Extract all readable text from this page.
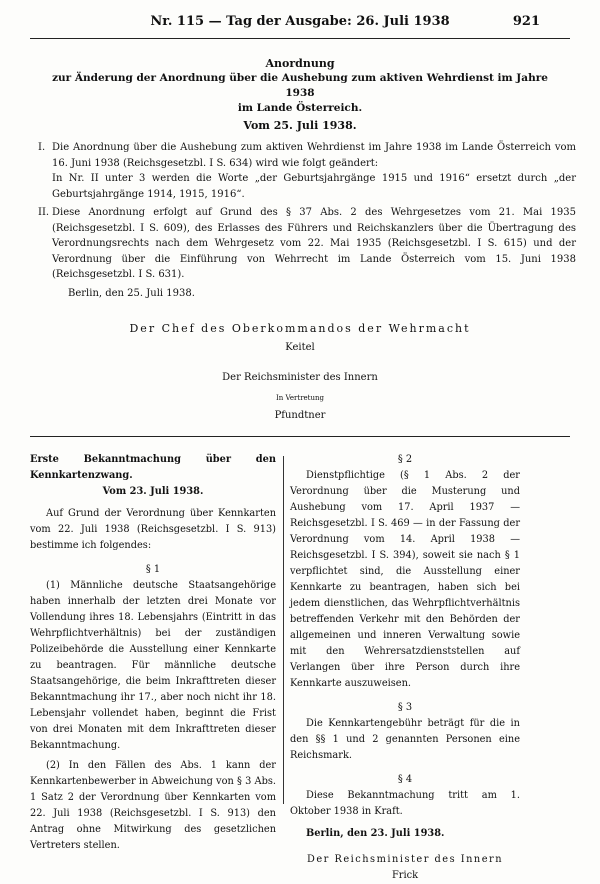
Nr. 115 — Tag der Ausgabe: 26. Juli 1938	921
Anordnung
zur Änderung der Anordnung über die Aushebung zum aktiven Wehrdienst im Jahre 1938
im Lande Österreich.
Vom 25. Juli 1938.
I. Die Anordnung über die Aushebung zum aktiven Wehrdienst im Jahre 1938 im Lande Österreich vom 16. Juni 1938 (Reichsgesetzbl. I S. 634) wird wie folgt geändert:
In Nr. II unter 3 werden die Worte „der Geburtsjahrgänge 1915 und 1916“ ersetzt durch „der Geburtsjahrgänge 1914, 1915, 1916“.
II. Diese Anordnung erfolgt auf Grund des § 37 Abs. 2 des Wehrgesetzes vom 21. Mai 1935 (Reichsgesetzbl. I S. 609), des Erlasses des Führers und Reichskanzlers über die Übertragung des Verordnungsrechts nach dem Wehrgesetz vom 22. Mai 1935 (Reichsgesetzbl. I S. 615) und der Verordnung über die Einführung von Wehrrecht im Lande Österreich vom 15. Juni 1938 (Reichsgesetzbl. I S. 631).
Berlin, den 25. Juli 1938.
Der Chef des Oberkommandos der Wehrmacht
Keitel
Der Reichsminister des Innern
In Vertretung
Pfundtner

Erste Bekanntmachung über den Kennkartenzwang.

Vom 23. Juli 1938.

Auf Grund der Verordnung über Kennkarten vom 22. Juli 1938 (Reichsgesetzbl. I S. 913) bestimme ich folgendes:

§ 1

(1) Männliche deutsche Staatsangehörige haben innerhalb der letzten drei Monate vor Vollendung ihres 18. Lebensjahrs (Eintritt in das Wehrpflichtverhältnis) bei der zuständigen Polizeibehörde die Ausstellung einer Kennkarte zu beantragen. Für männliche deutsche Staatsangehörige, die beim Inkrafttreten dieser Bekanntmachung ihr 17., aber noch nicht ihr 18. Lebensjahr vollendet haben, beginnt die Frist von drei Monaten mit dem Inkrafttreten dieser Bekanntmachung.

(2) In den Fällen des Abs. 1 kann der Kennkartenbewerber in Abweichung von § 3 Abs. 1 Satz 2 der Verordnung über Kennkarten vom 22. Juli 1938 (Reichsgesetzbl. I S. 913) den Antrag ohne Mitwirkung des gesetzlichen Vertreters stellen.

§ 2

Dienstpflichtige (§ 1 Abs. 2 der Verordnung über die Musterung und Aushebung vom 17. April 1937 — Reichsgesetzbl. I S. 469 — in der Fassung der Verordnung vom 14. April 1938 — Reichsgesetzbl. I S. 394), soweit sie nach § 1 verpflichtet sind, die Ausstellung einer Kennkarte zu beantragen, haben sich bei jedem dienstlichen, das Wehrpflichtverhältnis betreffenden Verkehr mit den Behörden der allgemeinen und inneren Verwaltung sowie mit den Wehrersatzdienststellen auf Verlangen über ihre Person durch ihre Kennkarte auszuweisen.

§ 3

Die Kennkartengebühr beträgt für die in den §§ 1 und 2 genannten Personen eine Reichsmark.

§ 4

Diese Bekanntmachung tritt am 1. Oktober 1938 in Kraft.

Berlin, den 23. Juli 1938.

Der Reichsminister des Innern

Frick
